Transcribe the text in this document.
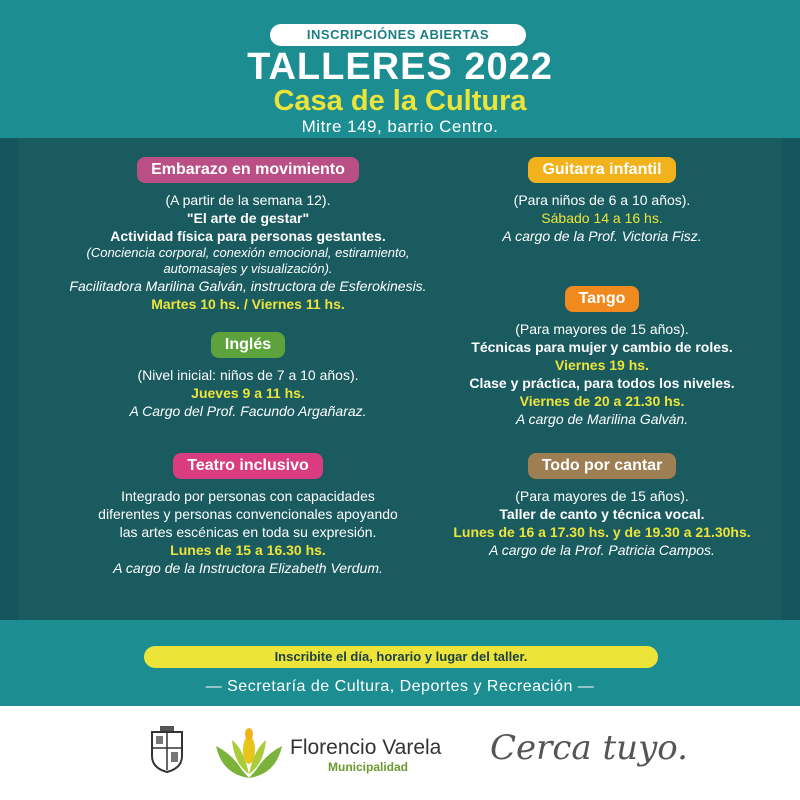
INSCRIPCIÓNES ABIERTAS
TALLERES 2022
Casa de la Cultura
Mitre 149, barrio Centro.
Embarazo en movimiento
(A partir de la semana 12).
"El arte de gestar"
Actividad física para personas gestantes.
(Conciencia corporal, conexión emocional, estiramiento,
automasajes y visualización).
Facilitadora Marilina Galván, instructora de Esferokinesis.
Martes 10 hs. / Viernes 11 hs.
Inglés
(Nivel inicial: niños de 7 a 10 años).
Jueves 9 a 11 hs.
A Cargo del Prof. Facundo Argañaraz.
Teatro inclusivo
Integrado por personas con capacidades
diferentes y personas convencionales apoyando
las artes escénicas en toda su expresión.
Lunes de 15 a 16.30 hs.
A cargo de la Instructora Elizabeth Verdum.
Guitarra infantil
(Para niños de 6 a 10 años).
Sábado 14 a 16 hs.
A cargo de la Prof. Victoria Fisz.
Tango
(Para mayores de 15 años).
Técnicas para mujer y cambio de roles.
Viernes 19 hs.
Clase y práctica, para todos los niveles.
Viernes de 20 a 21.30 hs.
A cargo de Marilina Galván.
Todo por cantar
(Para mayores de 15 años).
Taller de canto y técnica vocal.
Lunes de 16 a 17.30 hs. y de 19.30 a 21.30hs.
A cargo de la Prof. Patricia Campos.
Inscribite el día, horario y lugar del taller.
— Secretaría de Cultura, Deportes y Recreación —
Florencio Varela
Municipalidad Cerca tuyo.
